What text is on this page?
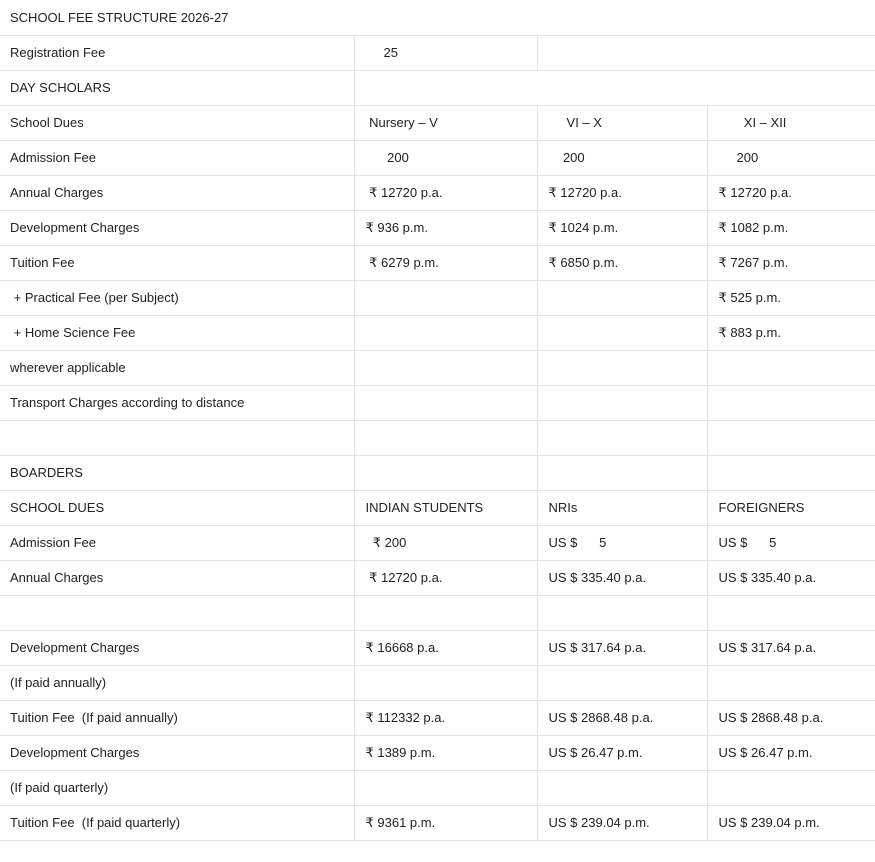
SCHOOL FEE STRUCTURE 2026-27			
Registration Fee	25		
DAY SCHOLARS			
School Dues	Nursery – V	VI – X	XI – XII
Admission Fee	200	200	200
Annual Charges	₹ 12720 p.a.	₹ 12720 p.a.	₹ 12720 p.a.
Development Charges	₹ 936 p.m.	₹ 1024 p.m.	₹ 1082 p.m.
Tuition Fee	₹ 6279 p.m.	₹ 6850 p.m.	₹ 7267 p.m.
+ Practical Fee (per Subject)			₹ 525 p.m.
+ Home Science Fee			₹ 883 p.m.
wherever applicable			
Transport Charges according to distance			

BOARDERS			
SCHOOL DUES	INDIAN STUDENTS	NRIs	FOREIGNERS
Admission Fee	₹ 200	US $      5	US $      5
Annual Charges	₹ 12720 p.a.	US $ 335.40 p.a.	US $ 335.40 p.a.

Development Charges	₹ 16668 p.a.	US $ 317.64 p.a.	US $ 317.64 p.a.
(If paid annually)			
Tuition Fee  (If paid annually)	₹ 112332 p.a.	US $ 2868.48 p.a.	US $ 2868.48 p.a.
Development Charges	₹ 1389 p.m.	US $ 26.47 p.m.	US $ 26.47 p.m.
(If paid quarterly)			
Tuition Fee  (If paid quarterly)	₹ 9361 p.m.	US $ 239.04 p.m.	US $ 239.04 p.m.
